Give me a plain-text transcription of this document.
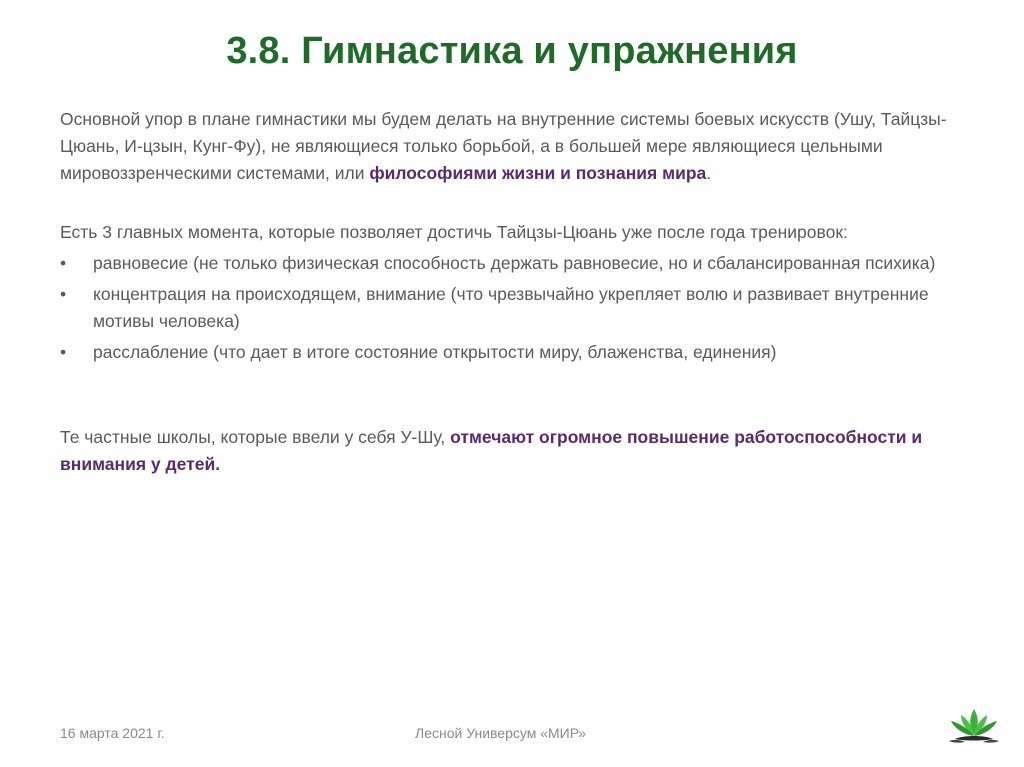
3.8. Гимнастика и упражнения
Основной упор в плане гимнастики мы будем делать на внутренние системы боевых искусств (Ушу, Тайцзы-Цюань, И-цзын, Кунг-Фу), не являющиеся только борьбой, а в большей мере являющиеся цельными мировоззренческими системами, или философиями жизни и познания мира.
Есть 3 главных момента, которые позволяет достичь Тайцзы-Цюань уже после года тренировок:
• равновесие (не только физическая способность держать равновесие, но и сбалансированная психика)
• концентрация на происходящем, внимание (что чрезвычайно укрепляет волю и развивает внутренние мотивы человека)
• расслабление (что дает в итоге состояние открытости миру, блаженства, единения)
Те частные школы, которые ввели у себя У-Шу, отмечают огромное повышение работоспособности и внимания у детей.
16 марта 2021 г.	Лесной Универсум «МИР»
